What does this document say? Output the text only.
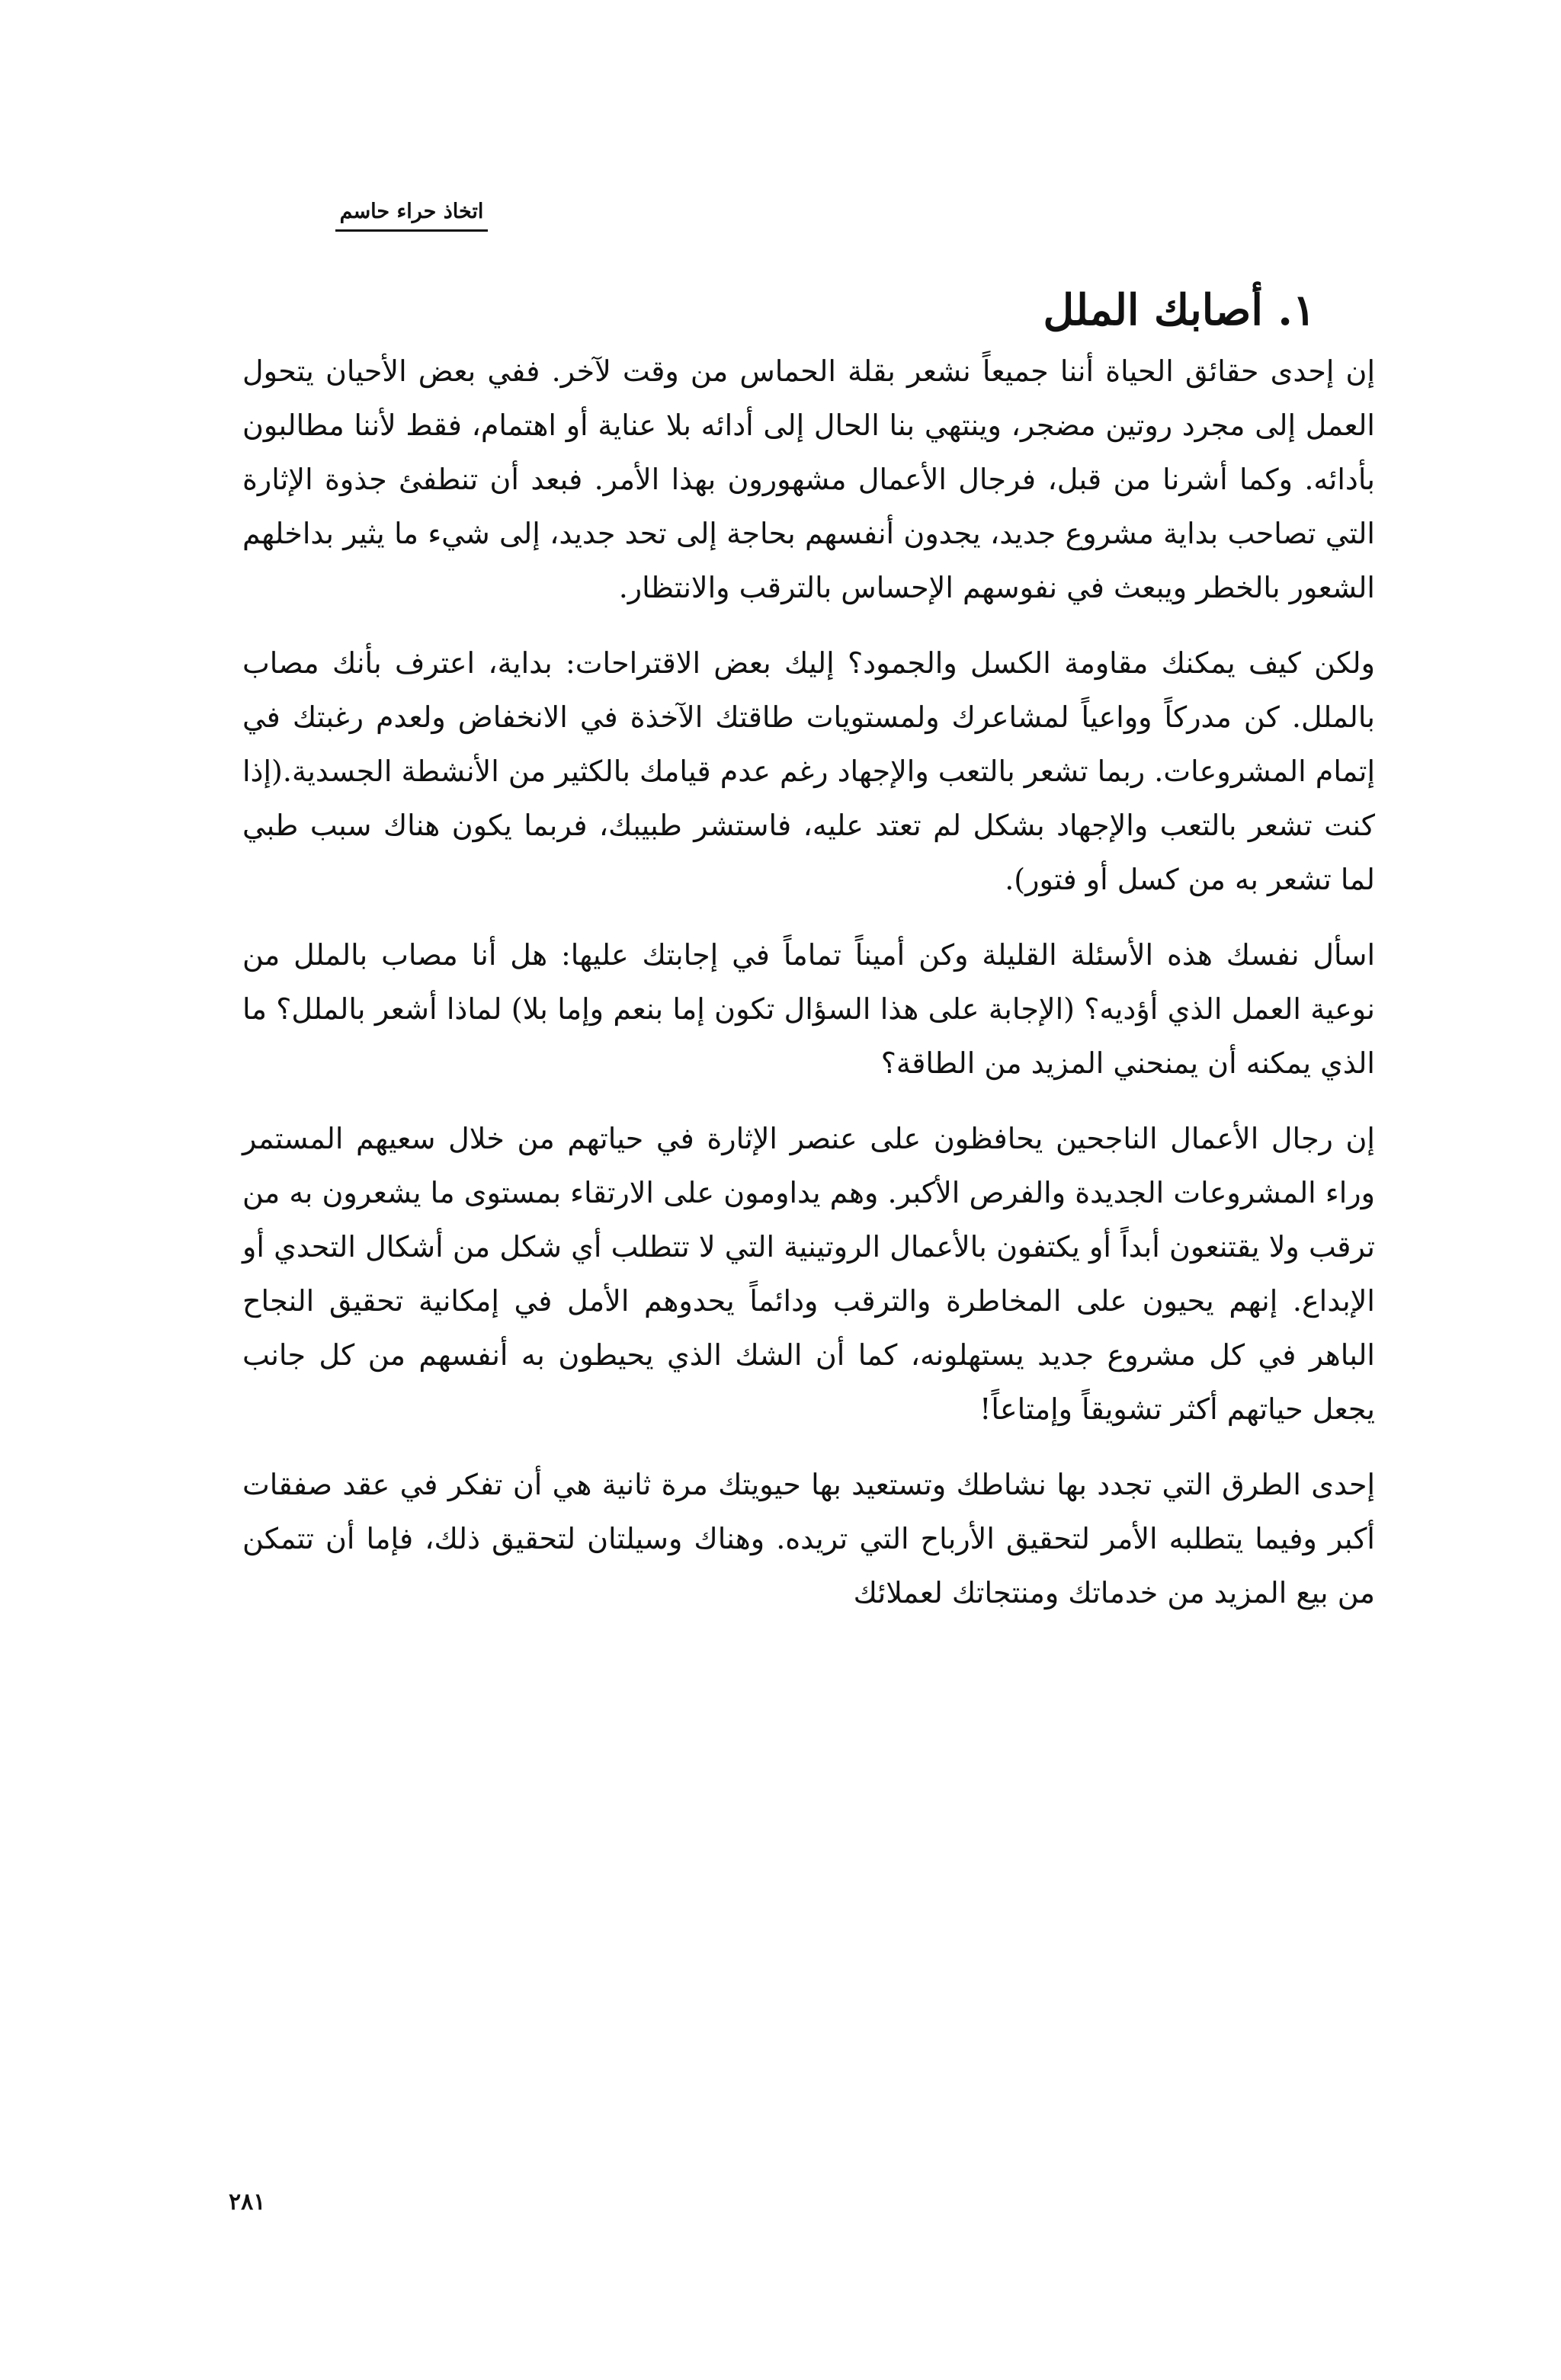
اتخاذ حراء حاسم
١. أصابك الملل

إن إحدى حقائق الحياة أننا جميعاً نشعر بقلة الحماس من وقت لآخر. ففي بعض الأحيان يتحول العمل إلى مجرد روتين مضجر، وينتهي بنا الحال إلى أدائه بلا عناية أو اهتمام، فقط لأننا مطالبون بأدائه. وكما أشرنا من قبل، فرجال الأعمال مشهورون بهذا الأمر. فبعد أن تنطفئ جذوة الإثارة التي تصاحب بداية مشروع جديد، يجدون أنفسهم بحاجة إلى تحد جديد، إلى شيء ما يثير بداخلهم الشعور بالخطر ويبعث في نفوسهم الإحساس بالترقب والانتظار.

ولكن كيف يمكنك مقاومة الكسل والجمود؟ إليك بعض الاقتراحات: بداية، اعترف بأنك مصاب بالملل. كن مدركاً وواعياً لمشاعرك ولمستويات طاقتك الآخذة في الانخفاض ولعدم رغبتك في إتمام المشروعات. ربما تشعر بالتعب والإجهاد رغم عدم قيامك بالكثير من الأنشطة الجسدية.(إذا كنت تشعر بالتعب والإجهاد بشكل لم تعتد عليه، فاستشر طبيبك، فربما يكون هناك سبب طبي لما تشعر به من كسل أو فتور).

اسأل نفسك هذه الأسئلة القليلة وكن أميناً تماماً في إجابتك عليها: هل أنا مصاب بالملل من نوعية العمل الذي أؤديه؟ (الإجابة على هذا السؤال تكون إما بنعم وإما بلا) لماذا أشعر بالملل؟ ما الذي يمكنه أن يمنحني المزيد من الطاقة؟

إن رجال الأعمال الناجحين يحافظون على عنصر الإثارة في حياتهم من خلال سعيهم المستمر وراء المشروعات الجديدة والفرص الأكبر. وهم يداومون على الارتقاء بمستوى ما يشعرون به من ترقب ولا يقتنعون أبداً أو يكتفون بالأعمال الروتينية التي لا تتطلب أي شكل من أشكال التحدي أو الإبداع. إنهم يحيون على المخاطرة والترقب ودائماً يحدوهم الأمل في إمكانية تحقيق النجاح الباهر في كل مشروع جديد يستهلونه، كما أن الشك الذي يحيطون به أنفسهم من كل جانب يجعل حياتهم أكثر تشويقاً وإمتاعاً!

إحدى الطرق التي تجدد بها نشاطك وتستعيد بها حيويتك مرة ثانية هي أن تفكر في عقد صفقات أكبر وفيما يتطلبه الأمر لتحقيق الأرباح التي تريده. وهناك وسيلتان لتحقيق ذلك، فإما أن تتمكن من بيع المزيد من خدماتك ومنتجاتك لعملائك

٢٨١
